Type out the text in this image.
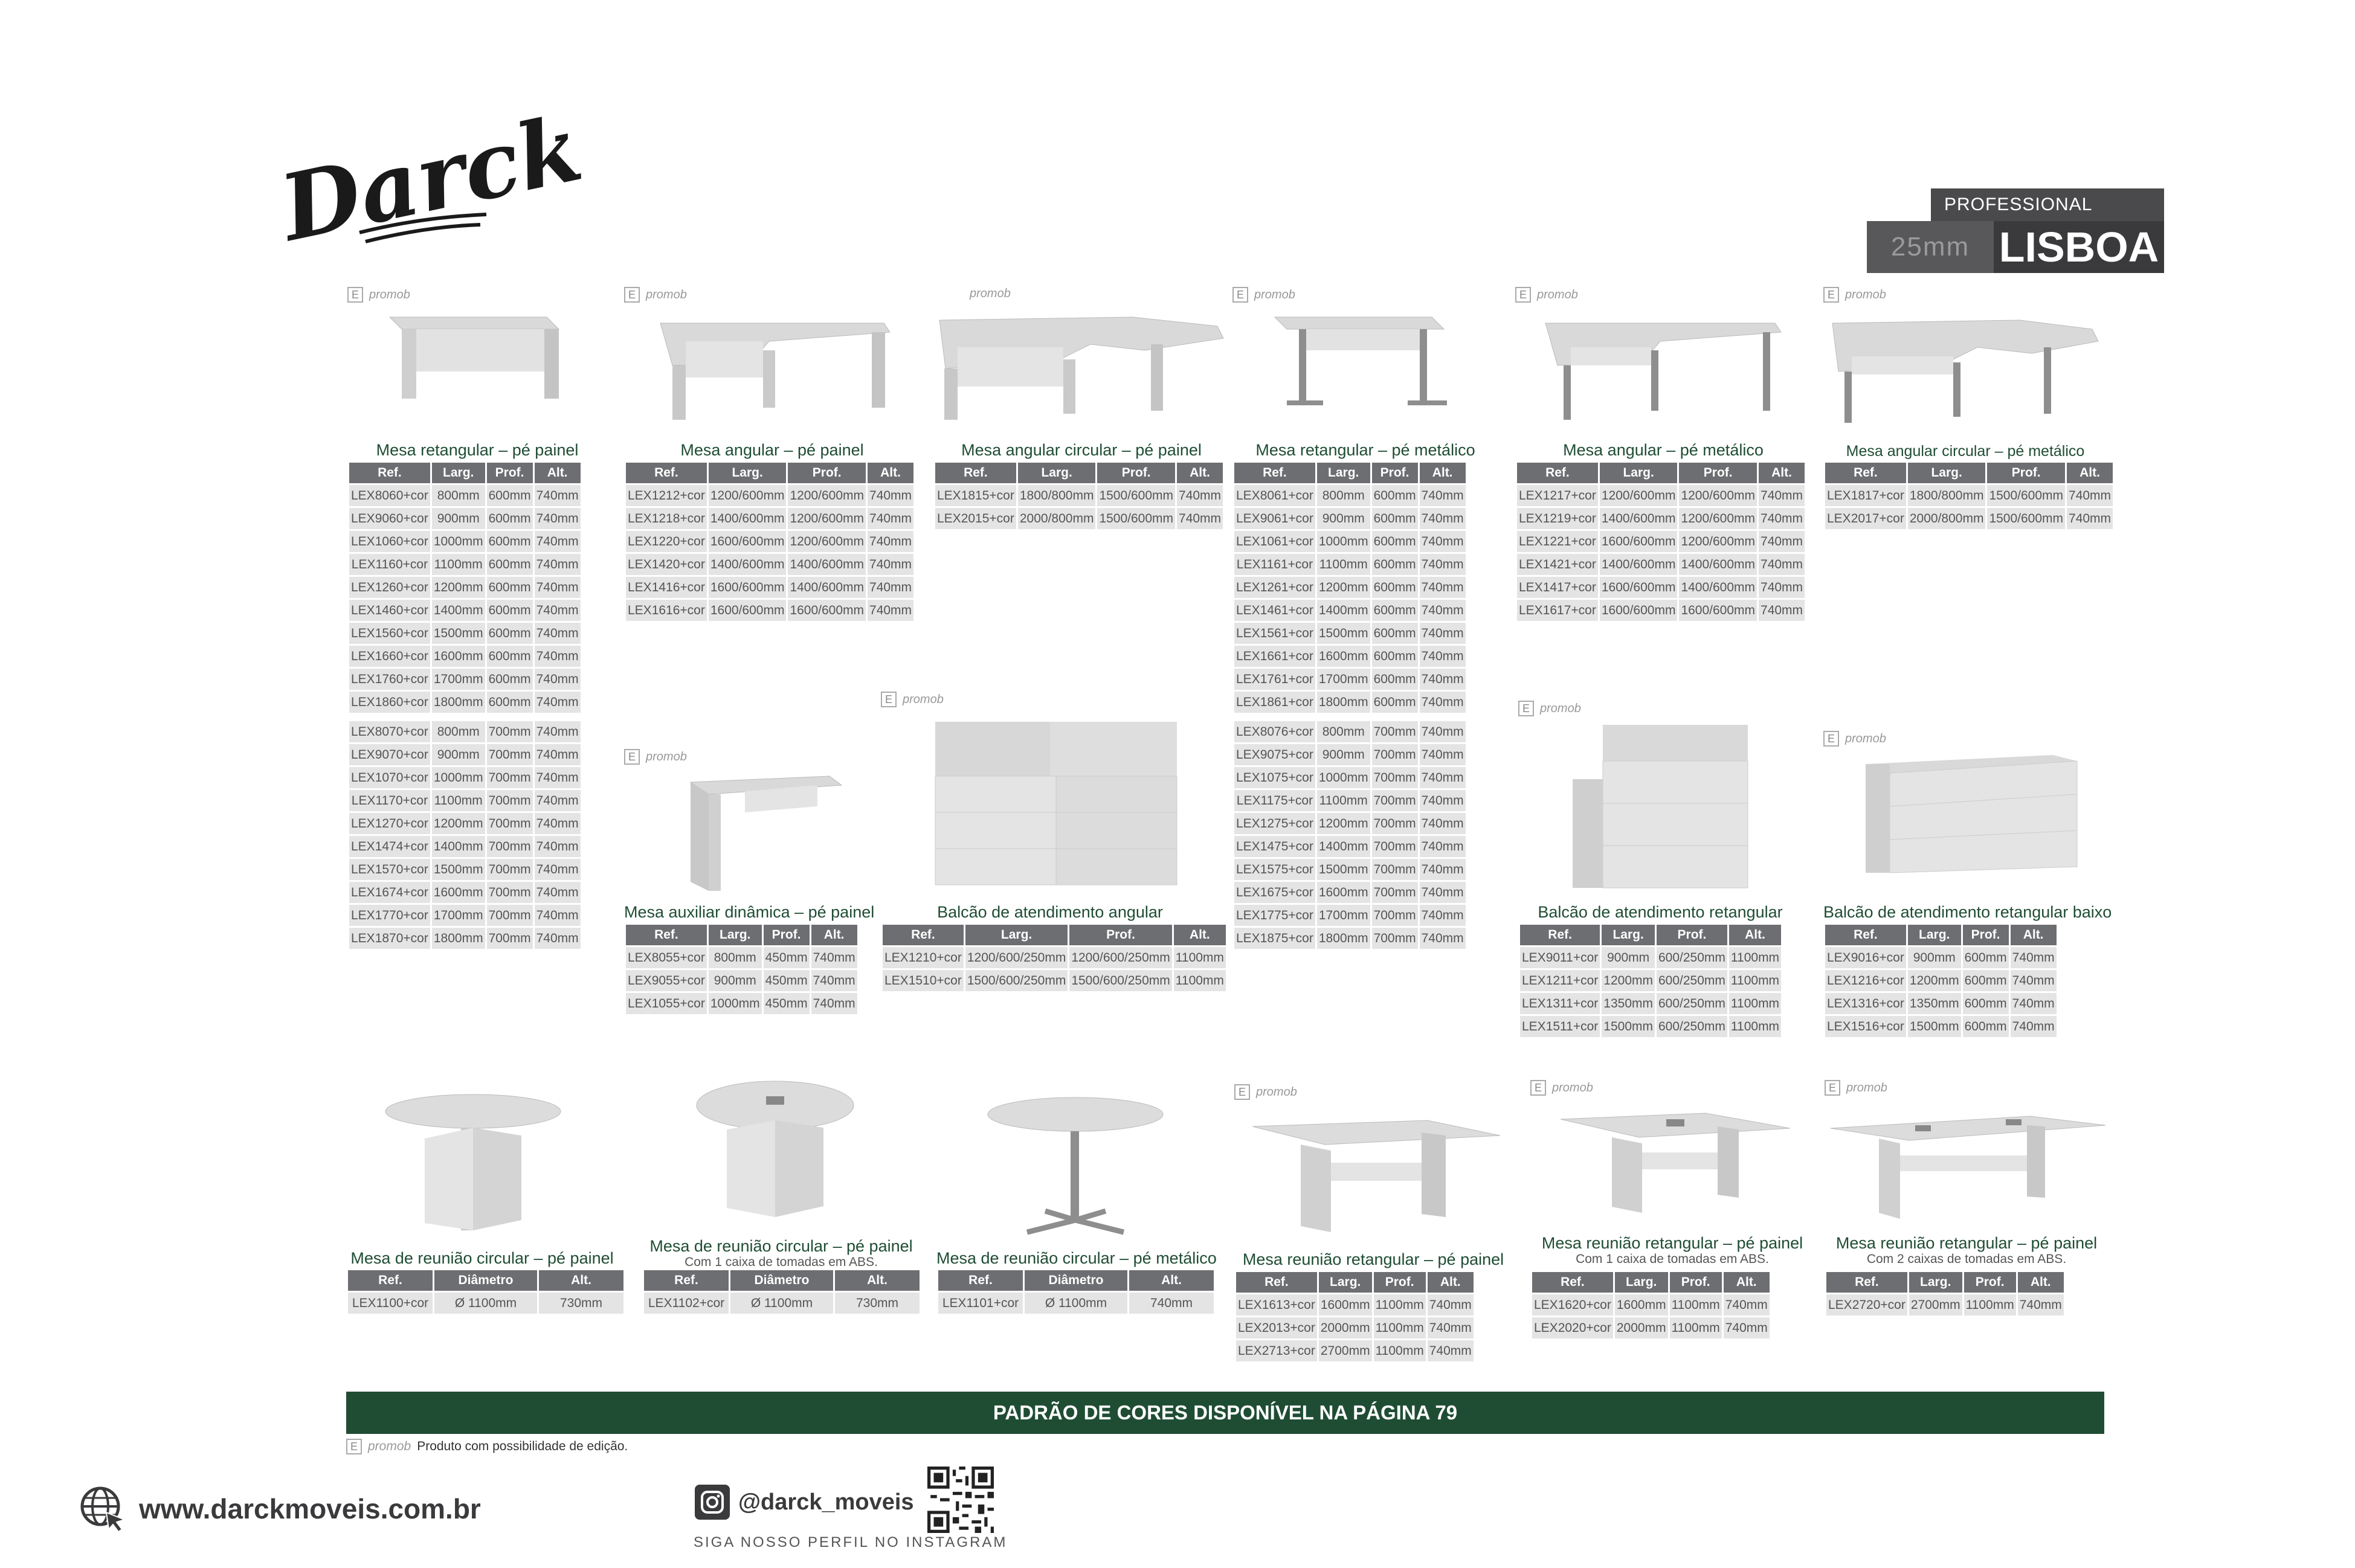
Darck	PROFESSIONAL
25mm LISBOA
E promob
Mesa retangular – pé painel
Ref.	Larg.	Prof.	Alt.
LEX8060+cor	800mm	600mm	740mm
LEX9060+cor	900mm	600mm	740mm
LEX1060+cor	1000mm	600mm	740mm
LEX1160+cor	1100mm	600mm	740mm
LEX1260+cor	1200mm	600mm	740mm
LEX1460+cor	1400mm	600mm	740mm
LEX1560+cor	1500mm	600mm	740mm
LEX1660+cor	1600mm	600mm	740mm
LEX1760+cor	1700mm	600mm	740mm
LEX1860+cor	1800mm	600mm	740mm

LEX8070+cor	800mm	700mm	740mm
LEX9070+cor	900mm	700mm	740mm
LEX1070+cor	1000mm	700mm	740mm
LEX1170+cor	1100mm	700mm	740mm
LEX1270+cor	1200mm	700mm	740mm
LEX1474+cor	1400mm	700mm	740mm
LEX1570+cor	1500mm	700mm	740mm
LEX1674+cor	1600mm	700mm	740mm
LEX1770+cor	1700mm	700mm	740mm
LEX1870+cor	1800mm	700mm	740mm
E promob
Mesa angular – pé painel
Ref.	Larg.	Prof.	Alt.
LEX1212+cor	1200/600mm	1200/600mm	740mm
LEX1218+cor	1400/600mm	1200/600mm	740mm
LEX1220+cor	1600/600mm	1200/600mm	740mm
LEX1420+cor	1400/600mm	1400/600mm	740mm
LEX1416+cor	1600/600mm	1400/600mm	740mm
LEX1616+cor	1600/600mm	1600/600mm	740mm
promob
Mesa angular circular – pé painel
Ref.	Larg.	Prof.	Alt.
LEX1815+cor	1800/800mm	1500/600mm	740mm
LEX2015+cor	2000/800mm	1500/600mm	740mm
E promob
Mesa retangular – pé metálico
Ref.	Larg.	Prof.	Alt.
LEX8061+cor	800mm	600mm	740mm
LEX9061+cor	900mm	600mm	740mm
LEX1061+cor	1000mm	600mm	740mm
LEX1161+cor	1100mm	600mm	740mm
LEX1261+cor	1200mm	600mm	740mm
LEX1461+cor	1400mm	600mm	740mm
LEX1561+cor	1500mm	600mm	740mm
LEX1661+cor	1600mm	600mm	740mm
LEX1761+cor	1700mm	600mm	740mm
LEX1861+cor	1800mm	600mm	740mm

LEX8076+cor	800mm	700mm	740mm
LEX9075+cor	900mm	700mm	740mm
LEX1075+cor	1000mm	700mm	740mm
LEX1175+cor	1100mm	700mm	740mm
LEX1275+cor	1200mm	700mm	740mm
LEX1475+cor	1400mm	700mm	740mm
LEX1575+cor	1500mm	700mm	740mm
LEX1675+cor	1600mm	700mm	740mm
LEX1775+cor	1700mm	700mm	740mm
LEX1875+cor	1800mm	700mm	740mm
E promob
Mesa angular – pé metálico
Ref.	Larg.	Prof.	Alt.
LEX1217+cor	1200/600mm	1200/600mm	740mm
LEX1219+cor	1400/600mm	1200/600mm	740mm
LEX1221+cor	1600/600mm	1200/600mm	740mm
LEX1421+cor	1400/600mm	1400/600mm	740mm
LEX1417+cor	1600/600mm	1400/600mm	740mm
LEX1617+cor	1600/600mm	1600/600mm	740mm
E promob
Mesa angular circular – pé metálico
Ref.	Larg.	Prof.	Alt.
LEX1817+cor	1800/800mm	1500/600mm	740mm
LEX2017+cor	2000/800mm	1500/600mm	740mm
E promob
Mesa auxiliar dinâmica – pé painel
Ref.	Larg.	Prof.	Alt.
LEX8055+cor	800mm	450mm	740mm
LEX9055+cor	900mm	450mm	740mm
LEX1055+cor	1000mm	450mm	740mm
E promob
Balcão de atendimento angular
Ref.	Larg.	Prof.	Alt.
LEX1210+cor	1200/600/250mm	1200/600/250mm	1100mm
LEX1510+cor	1500/600/250mm	1500/600/250mm	1100mm
E promob
Balcão de atendimento retangular
Ref.	Larg.	Prof.	Alt.
LEX9011+cor	900mm	600/250mm	1100mm
LEX1211+cor	1200mm	600/250mm	1100mm
LEX1311+cor	1350mm	600/250mm	1100mm
LEX1511+cor	1500mm	600/250mm	1100mm
E promob
Balcão de atendimento retangular baixo
Ref.	Larg.	Prof.	Alt.
LEX9016+cor	900mm	600mm	740mm
LEX1216+cor	1200mm	600mm	740mm
LEX1316+cor	1350mm	600mm	740mm
LEX1516+cor	1500mm	600mm	740mm
Mesa de reunião circular – pé painel
Ref.	Diâmetro	Alt.
LEX1100+cor	Ø 1100mm	730mm
Mesa de reunião circular – pé painel
Com 1 caixa de tomadas em ABS.
Ref.	Diâmetro	Alt.
LEX1102+cor	Ø 1100mm	730mm
Mesa de reunião circular – pé metálico
Ref.	Diâmetro	Alt.
LEX1101+cor	Ø 1100mm	740mm
E promob
Mesa reunião retangular – pé painel
Ref.	Larg.	Prof.	Alt.
LEX1613+cor	1600mm	1100mm	740mm
LEX2013+cor	2000mm	1100mm	740mm
LEX2713+cor	2700mm	1100mm	740mm
E promob
Mesa reunião retangular – pé painel
Com 1 caixa de tomadas em ABS.
Ref.	Larg.	Prof.	Alt.
LEX1620+cor	1600mm	1100mm	740mm
LEX2020+cor	2000mm	1100mm	740mm
E promob
Mesa reunião retangular – pé painel
Com 2 caixas de tomadas em ABS.
Ref.	Larg.	Prof.	Alt.
LEX2720+cor	2700mm	1100mm	740mm
PADRÃO DE CORES DISPONÍVEL NA PÁGINA 79
E promob Produto com possibilidade de edição.
www.darckmoveis.com.br	@darck_moveis
SIGA NOSSO PERFIL NO INSTAGRAM
